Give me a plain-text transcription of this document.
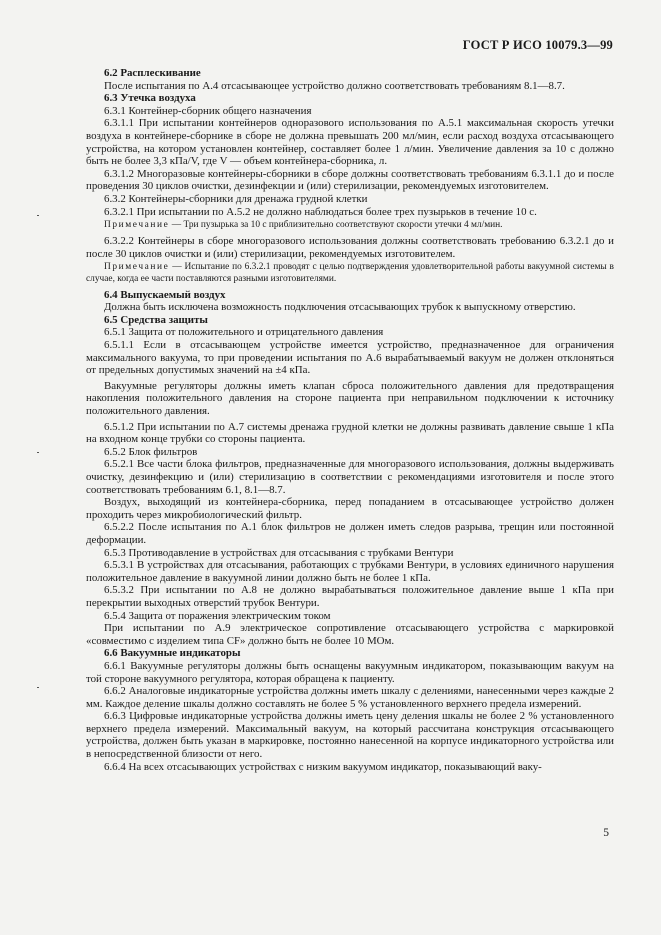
ГОСТ Р ИСО 10079.3—99

6.2 Расплескивание

После испытания по А.4 отсасывающее устройство должно соответствовать требованиям 8.1—8.7.

6.3 Утечка воздуха

6.3.1 Контейнер-сборник общего назначения

6.3.1.1 При испытании контейнеров одноразового использования по А.5.1 максимальная скорость утечки воздуха в контейнере-сборнике в сборе не должна превышать 200 мл/мин, если расход воздуха отсасывающего устройства, на котором установлен контейнер, составляет более 1 л/мин. Увеличение давления за 10 с должно быть не более 3,3 кПа/V, где V — объем контейнера-сборника, л.

6.3.1.2 Многоразовые контейнеры-сборники в сборе должны соответствовать требованиям 6.3.1.1 до и после проведения 30 циклов очистки, дезинфекции и (или) стерилизации, рекомендуемых изготовителем.

6.3.2 Контейнеры-сборники для дренажа грудной клетки

6.3.2.1 При испытании по А.5.2 не должно наблюдаться более трех пузырьков в течение 10 с.

Примечание — Три пузырька за 10 с приблизительно соответствуют скорости утечки 4 мл/мин.

6.3.2.2 Контейнеры в сборе многоразового использования должны соответствовать требованию 6.3.2.1 до и после 30 циклов очистки и (или) стерилизации, рекомендуемых изготовителем.

Примечание — Испытание по 6.3.2.1 проводят с целью подтверждения удовлетворительной работы вакуумной системы в случае, когда ее части поставляются разными изготовителями.

6.4 Выпускаемый воздух

Должна быть исключена возможность подключения отсасывающих трубок к выпускному отверстию.

6.5 Средства защиты

6.5.1 Защита от положительного и отрицательного давления

6.5.1.1 Если в отсасывающем устройстве имеется устройство, предназначенное для ограничения максимального вакуума, то при проведении испытания по А.6 вырабатываемый вакуум не должен отклоняться от предельных допустимых значений на ±4 кПа.

Вакуумные регуляторы должны иметь клапан сброса положительного давления для предотвращения накопления положительного давления на стороне пациента при неправильном подключении к источнику положительного давления.

6.5.1.2 При испытании по А.7 системы дренажа грудной клетки не должны развивать давление свыше 1 кПа на входном конце трубки со стороны пациента.

6.5.2 Блок фильтров

6.5.2.1 Все части блока фильтров, предназначенные для многоразового использования, должны выдерживать очистку, дезинфекцию и (или) стерилизацию в соответствии с рекомендациями изготовителя и после этого соответствовать требованиям 6.1, 8.1—8.7.

Воздух, выходящий из контейнера-сборника, перед попаданием в отсасывающее устройство должен проходить через микробиологический фильтр.

6.5.2.2 После испытания по А.1 блок фильтров не должен иметь следов разрыва, трещин или постоянной деформации.

6.5.3 Противодавление в устройствах для отсасывания с трубками Вентури

6.5.3.1 В устройствах для отсасывания, работающих с трубками Вентури, в условиях единичного нарушения положительное давление в вакуумной линии должно быть не более 1 кПа.

6.5.3.2 При испытании по А.8 не должно вырабатываться положительное давление выше 1 кПа при перекрытии выходных отверстий трубок Вентури.

6.5.4 Защита от поражения электрическим током

При испытании по А.9 электрическое сопротивление отсасывающего устройства с маркировкой «совместимо с изделием типа CF» должно быть не более 10 МОм.

6.6 Вакуумные индикаторы

6.6.1 Вакуумные регуляторы должны быть оснащены вакуумным индикатором, показывающим вакуум на той стороне вакуумного регулятора, которая обращена к пациенту.

6.6.2 Аналоговые индикаторные устройства должны иметь шкалу с делениями, нанесенными через каждые 2 мм. Каждое деление шкалы должно составлять не более 5 % установленного верхнего предела измерений.

6.6.3 Цифровые индикаторные устройства должны иметь цену деления шкалы не более 2 % установленного верхнего предела измерений. Максимальный вакуум, на который рассчитана конструкция отсасывающего устройства, должен быть указан в маркировке, постоянно нанесенной на корпусе индикаторного устройства или в непосредственной близости от него.

6.6.4 На всех отсасывающих устройствах с низким вакуумом индикатор, показывающий ваку-

5
